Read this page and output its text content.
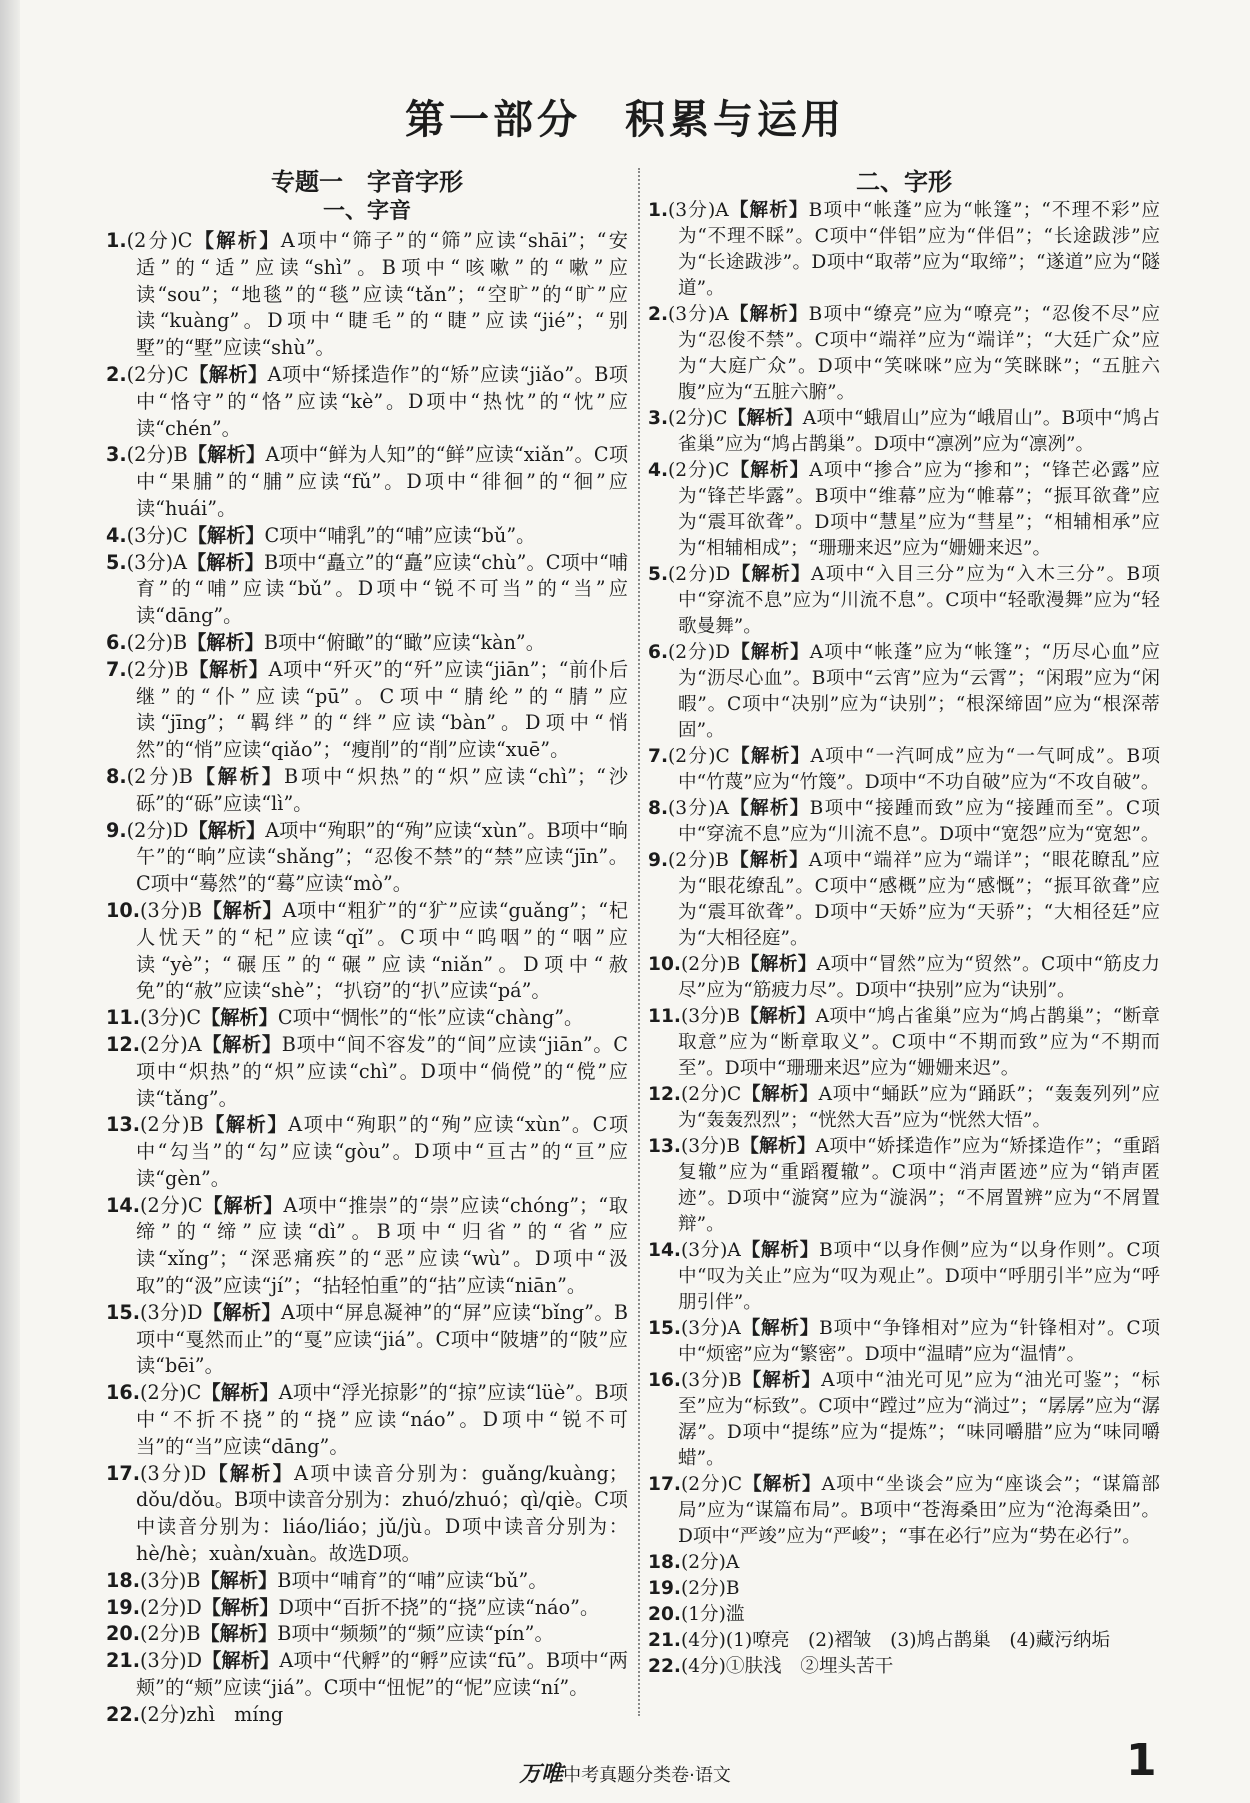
第一部分　积累与运用
专题一　字音字形
一、字音

1.(2分)C【解析】A项中“筛子”的“筛”应读“shāi”；“安适”的“适”应读“shì”。B项中“咳嗽”的“嗽”应读“sou”；“地毯”的“毯”应读“tǎn”；“空旷”的“旷”应读“kuàng”。D项中“睫毛”的“睫”应读“jié”；“别墅”的“墅”应读“shù”。

2.(2分)C【解析】A项中“矫揉造作”的“矫”应读“jiǎo”。B项中“恪守”的“恪”应读“kè”。D项中“热忱”的“忱”应读“chén”。

3.(2分)B【解析】A项中“鲜为人知”的“鲜”应读“xiǎn”。C项中“果脯”的“脯”应读“fǔ”。D项中“徘徊”的“徊”应读“huái”。

4.(3分)C【解析】C项中“哺乳”的“哺”应读“bǔ”。

5.(3分)A【解析】B项中“矗立”的“矗”应读“chù”。C项中“哺育”的“哺”应读“bǔ”。D项中“锐不可当”的“当”应读“dāng”。

6.(2分)B【解析】B项中“俯瞰”的“瞰”应读“kàn”。

7.(2分)B【解析】A项中“歼灭”的“歼”应读“jiān”；“前仆后继”的“仆”应读“pū”。C项中“腈纶”的“腈”应读“jīng”；“羁绊”的“绊”应读“bàn”。D项中“悄然”的“悄”应读“qiǎo”；“瘦削”的“削”应读“xuē”。

8.(2分)B【解析】B项中“炽热”的“炽”应读“chì”；“沙砾”的“砾”应读“lì”。

9.(2分)D【解析】A项中“殉职”的“殉”应读“xùn”。B项中“晌午”的“晌”应读“shǎng”；“忍俊不禁”的“禁”应读“jīn”。C项中“蓦然”的“蓦”应读“mò”。

10.(3分)B【解析】A项中“粗犷”的“犷”应读“guǎng”；“杞人忧天”的“杞”应读“qǐ”。C项中“呜咽”的“咽”应读“yè”；“碾压”的“碾”应读“niǎn”。D项中“赦免”的“赦”应读“shè”；“扒窃”的“扒”应读“pá”。

11.(3分)C【解析】C项中“惆怅”的“怅”应读“chàng”。

12.(2分)A【解析】B项中“间不容发”的“间”应读“jiān”。C项中“炽热”的“炽”应读“chì”。D项中“倘傥”的“傥”应读“tǎng”。

13.(2分)B【解析】A项中“殉职”的“殉”应读“xùn”。C项中“勾当”的“勾”应读“gòu”。D项中“亘古”的“亘”应读“gèn”。

14.(2分)C【解析】A项中“推崇”的“崇”应读“chóng”；“取缔”的“缔”应读“dì”。B项中“归省”的“省”应读“xǐng”；“深恶痛疾”的“恶”应读“wù”。D项中“汲取”的“汲”应读“jí”；“拈轻怕重”的“拈”应读“niān”。

15.(3分)D【解析】A项中“屏息凝神”的“屏”应读“bǐng”。B项中“戛然而止”的“戛”应读“jiá”。C项中“陂塘”的“陂”应读“bēi”。

16.(2分)C【解析】A项中“浮光掠影”的“掠”应读“lüè”。B项中“不折不挠”的“挠”应读“náo”。D项中“锐不可当”的“当”应读“dāng”。

17.(3分)D【解析】A项中读音分别为：guǎng/kuàng；dǒu/dǒu。B项中读音分别为：zhuó/zhuó；qì/qiè。C项中读音分别为：liáo/liáo；jǔ/jù。D项中读音分别为：hè/hè；xuàn/xuàn。故选D项。

18.(3分)B【解析】B项中“哺育”的“哺”应读“bǔ”。

19.(2分)D【解析】D项中“百折不挠”的“挠”应读“náo”。

20.(2分)B【解析】B项中“频频”的“频”应读“pín”。

21.(3分)D【解析】A项中“代孵”的“孵”应读“fū”。B项中“两颊”的“颊”应读“jiá”。C项中“忸怩”的“怩”应读“ní”。

22.(2分)zhì　míng

二、字形

1.(3分)A【解析】B项中“帐蓬”应为“帐篷”；“不理不彩”应为“不理不睬”。C项中“伴铝”应为“伴侣”；“长途跋涉”应为“长途跋涉”。D项中“取蒂”应为“取缔”；“遂道”应为“隧道”。

2.(3分)A【解析】B项中“缭亮”应为“嘹亮”；“忍俊不尽”应为“忍俊不禁”。C项中“端祥”应为“端详”；“大廷广众”应为“大庭广众”。D项中“笑咪咪”应为“笑眯眯”；“五脏六腹”应为“五脏六腑”。

3.(2分)C【解析】A项中“蛾眉山”应为“峨眉山”。B项中“鸠占雀巢”应为“鸠占鹊巢”。D项中“凛冽”应为“凛冽”。

4.(2分)C【解析】A项中“掺合”应为“掺和”；“锋芒必露”应为“锋芒毕露”。B项中“维幕”应为“帷幕”；“振耳欲聋”应为“震耳欲聋”。D项中“慧星”应为“彗星”；“相辅相承”应为“相辅相成”；“珊珊来迟”应为“姗姗来迟”。

5.(2分)D【解析】A项中“入目三分”应为“入木三分”。B项中“穿流不息”应为“川流不息”。C项中“轻歌漫舞”应为“轻歌曼舞”。

6.(2分)D【解析】A项中“帐蓬”应为“帐篷”；“历尽心血”应为“沥尽心血”。B项中“云宵”应为“云霄”；“闲瑕”应为“闲暇”。C项中“决别”应为“诀别”；“根深缔固”应为“根深蒂固”。

7.(2分)C【解析】A项中“一汽呵成”应为“一气呵成”。B项中“竹蔑”应为“竹篾”。D项中“不功自破”应为“不攻自破”。

8.(3分)A【解析】B项中“接踵而致”应为“接踵而至”。C项中“穿流不息”应为“川流不息”。D项中“宽怨”应为“宽恕”。

9.(2分)B【解析】A项中“端祥”应为“端详”；“眼花瞭乱”应为“眼花缭乱”。C项中“感概”应为“感慨”；“振耳欲聋”应为“震耳欲聋”。D项中“天娇”应为“天骄”；“大相径廷”应为“大相径庭”。

10.(2分)B【解析】A项中“冒然”应为“贸然”。C项中“筋皮力尽”应为“筋疲力尽”。D项中“抉别”应为“诀别”。

11.(3分)B【解析】A项中“鸠占雀巢”应为“鸠占鹊巢”；“断章取意”应为“断章取义”。C项中“不期而致”应为“不期而至”。D项中“珊珊来迟”应为“姗姗来迟”。

12.(2分)C【解析】A项中“蛹跃”应为“踊跃”；“轰轰列列”应为“轰轰烈烈”；“恍然大吾”应为“恍然大悟”。

13.(3分)B【解析】A项中“娇揉造作”应为“矫揉造作”；“重蹈复辙”应为“重蹈覆辙”。C项中“消声匿迹”应为“销声匿迹”。D项中“漩窝”应为“漩涡”；“不屑置辨”应为“不屑置辩”。

14.(3分)A【解析】B项中“以身作侧”应为“以身作则”。C项中“叹为关止”应为“叹为观止”。D项中“呼朋引半”应为“呼朋引伴”。

15.(3分)A【解析】B项中“争锋相对”应为“针锋相对”。C项中“烦密”应为“繁密”。D项中“温晴”应为“温情”。

16.(3分)B【解析】A项中“油光可见”应为“油光可鉴”；“标至”应为“标致”。C项中“蹚过”应为“淌过”；“孱孱”应为“潺潺”。D项中“提练”应为“提炼”；“味同嚼腊”应为“味同嚼蜡”。

17.(2分)C【解析】A项中“坐谈会”应为“座谈会”；“谋篇部局”应为“谋篇布局”。B项中“苍海桑田”应为“沧海桑田”。D项中“严竣”应为“严峻”；“事在必行”应为“势在必行”。

18.(2分)A

19.(2分)B

20.(1分)滥

21.(4分)(1)嘹亮　(2)褶皱　(3)鸠占鹊巢　(4)藏污纳垢

22.(4分)①肤浅　②埋头苦干

万唯中考真题分类卷·语文	1
